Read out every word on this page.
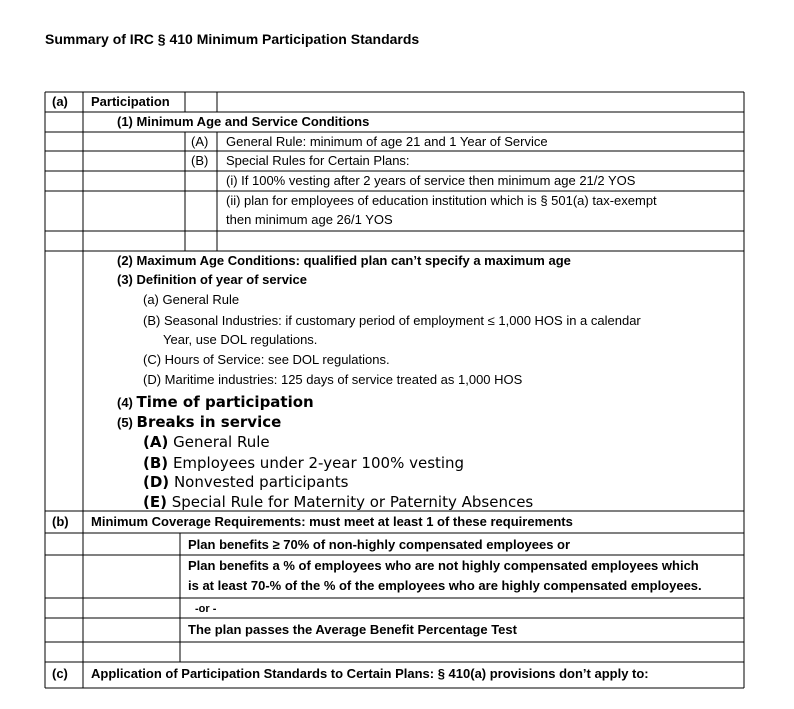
Summary of IRC § 410 Minimum Participation Standards
(a) Participation
(1) Minimum Age and Service Conditions
(A) General Rule: minimum of age 21 and 1 Year of Service
(B) Special Rules for Certain Plans:
(i) If 100% vesting after 2 years of service then minimum age 21/2 YOS
(ii) plan for employees of education institution which is § 501(a) tax-exempt
then minimum age 26/1 YOS
(2) Maximum Age Conditions: qualified plan can’t specify a maximum age
(3) Definition of year of service
(a) General Rule
(B) Seasonal Industries: if customary period of employment ≤ 1,000 HOS in a calendar
Year, use DOL regulations.
(C) Hours of Service: see DOL regulations.
(D) Maritime industries: 125 days of service treated as 1,000 HOS
(4) Time of participation
(5) Breaks in service
(A) General Rule
(B) Employees under 2-year 100% vesting
(D) Nonvested participants
(E) Special Rule for Maternity or Paternity Absences
(b) Minimum Coverage Requirements: must meet at least 1 of these requirements
Plan benefits ≥ 70% of non-highly compensated employees or
Plan benefits a % of employees who are not highly compensated employees which
is at least 70-% of the % of the employees who are highly compensated employees.
-or -
The plan passes the Average Benefit Percentage Test
(c) Application of Participation Standards to Certain Plans: § 410(a) provisions don’t apply to:
